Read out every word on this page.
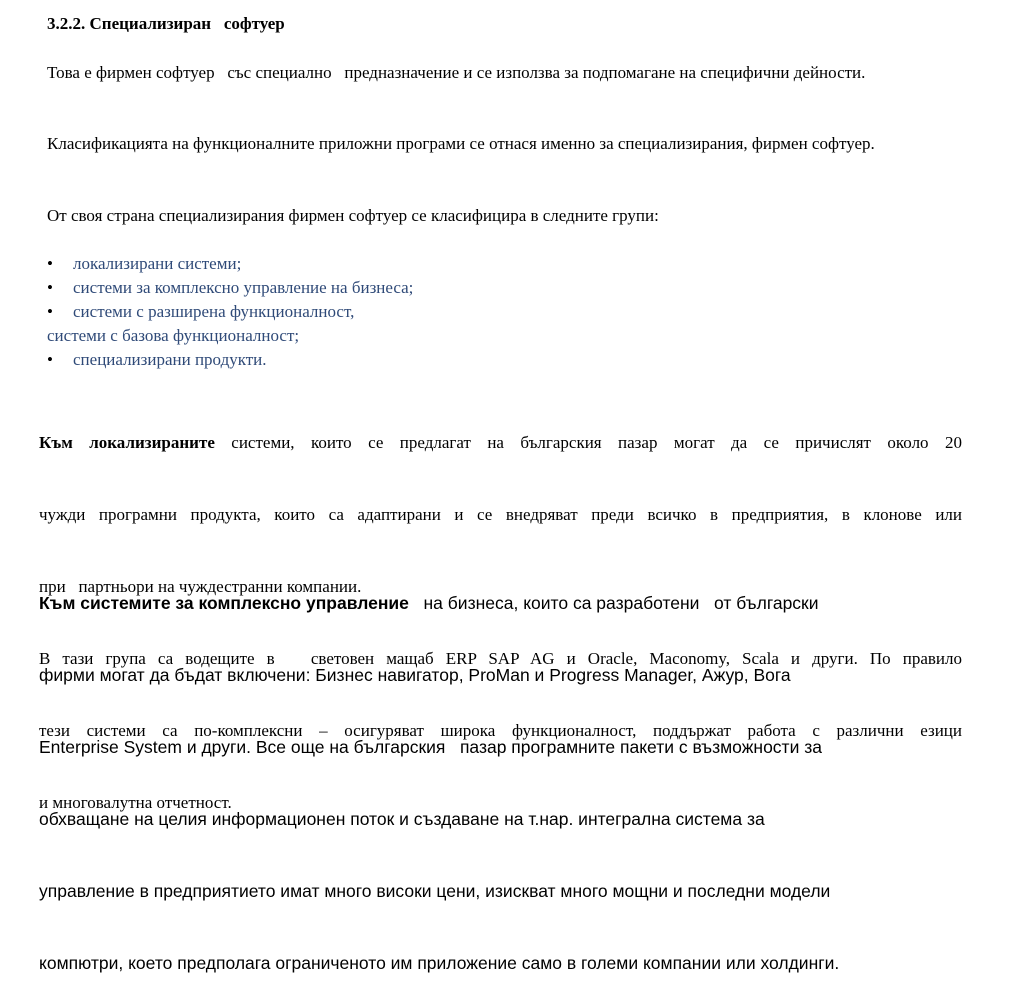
3.2.2. Специализиран   софтуер
Това е фирмен софтуер   със специално   предназначение и се използва за подпомагане на специфични дейности.
Класификацията на функционалните приложни програми се отнася именно за специализирания, фирмен софтуер.
От своя страна специализирания фирмен софтуер се класифицира в следните групи:
• локализирани системи;
• системи за комплексно управление на бизнеса;
• системи с разширена функционалност,
системи с базова функционалност;
• специализирани продукти.

Към локализираните системи, които се предлагат на българския пазар могат да се причислят около 20

чужди програмни продукта, които са адаптирани и се внедряват преди всичко в предприятия, в клонове или

при   партньори на чуждестранни компании.

В тази група са водещите в   световен мащаб ERP SAP AG и Oracle, Maconomy, Scala и други. По правило

тези системи са по-комплексни – осигуряват широка функционалност, поддържат работа с различни езици

и многовалутна отчетност.

Към системите за комплексно управление   на бизнеса, които са разработени   от български

фирми могат да бъдат включени: Бизнес навигатор, ProMan и Progress Manager, Ажур, Вога

Enterprise System и други. Все още на българския   пазар програмните пакети с възможности за

обхващане на целия информационен поток и създаване на т.нар. интегрална система за

управление в предприятието имат много високи цени, изискват много мощни и последни модели

компютри, което предполага ограниченото им приложение само в големи компании или холдинги.
